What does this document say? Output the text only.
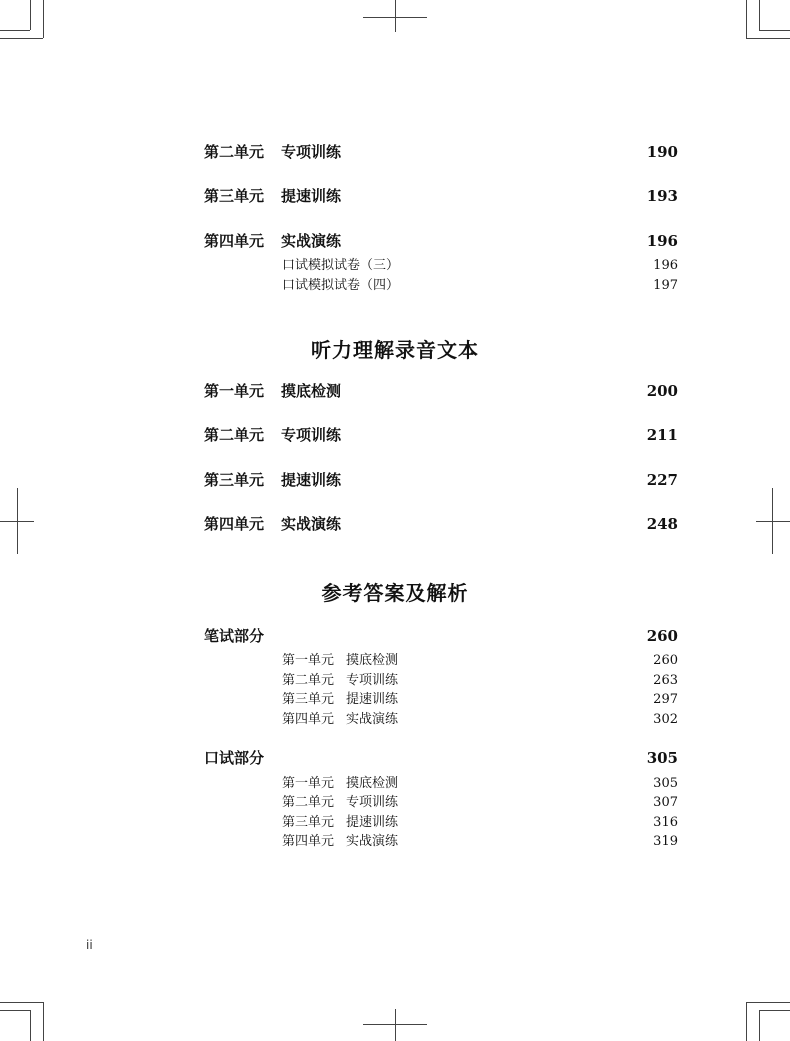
第二单元 专项训练	190
第三单元 提速训练	193
第四单元 实战演练	196
口试模拟试卷（三）	196
口试模拟试卷（四）	197
听力理解录音文本
第一单元 摸底检测	200
第二单元 专项训练	211
第三单元 提速训练	227
第四单元 实战演练	248
参考答案及解析
笔试部分	260
第一单元 摸底检测	260
第二单元 专项训练	263
第三单元 提速训练	297
第四单元 实战演练	302
口试部分	305
第一单元 摸底检测	305
第二单元 专项训练	307
第三单元 提速训练	316
第四单元 实战演练	319
ii
